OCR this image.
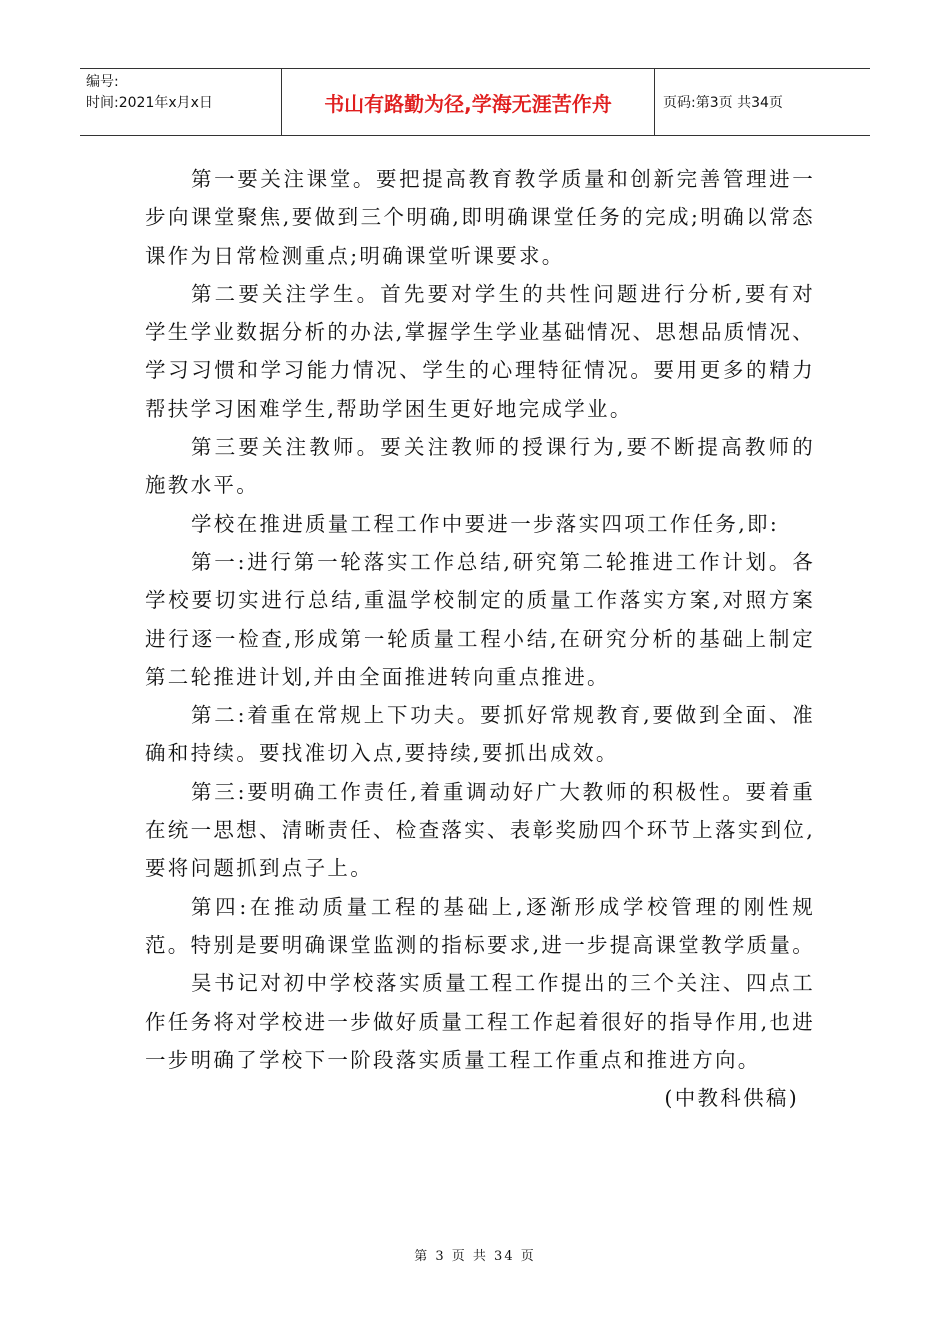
编号:
时间:2021年x月x日	书山有路勤为径,学海无涯苦作舟	页码:第3页 共34页

第一要关注课堂。要把提高教育教学质量和创新完善管理进一步向课堂聚焦,要做到三个明确,即明确课堂任务的完成;明确以常态课作为日常检测重点;明确课堂听课要求。

第二要关注学生。首先要对学生的共性问题进行分析,要有对学生学业数据分析的办法,掌握学生学业基础情况、思想品质情况、学习习惯和学习能力情况、学生的心理特征情况。要用更多的精力帮扶学习困难学生,帮助学困生更好地完成学业。

第三要关注教师。要关注教师的授课行为,要不断提高教师的施教水平。

学校在推进质量工程工作中要进一步落实四项工作任务,即:

第一:进行第一轮落实工作总结,研究第二轮推进工作计划。各学校要切实进行总结,重温学校制定的质量工作落实方案,对照方案进行逐一检查,形成第一轮质量工程小结,在研究分析的基础上制定第二轮推进计划,并由全面推进转向重点推进。

第二:着重在常规上下功夫。要抓好常规教育,要做到全面、准确和持续。要找准切入点,要持续,要抓出成效。

第三:要明确工作责任,着重调动好广大教师的积极性。要着重在统一思想、清晰责任、检查落实、表彰奖励四个环节上落实到位,要将问题抓到点子上。

第四:在推动质量工程的基础上,逐渐形成学校管理的刚性规范。特别是要明确课堂监测的指标要求,进一步提高课堂教学质量。

吴书记对初中学校落实质量工程工作提出的三个关注、四点工作任务将对学校进一步做好质量工程工作起着很好的指导作用,也进一步明确了学校下一阶段落实质量工程工作重点和推进方向。

(中教科供稿)
第 3 页 共 34 页
